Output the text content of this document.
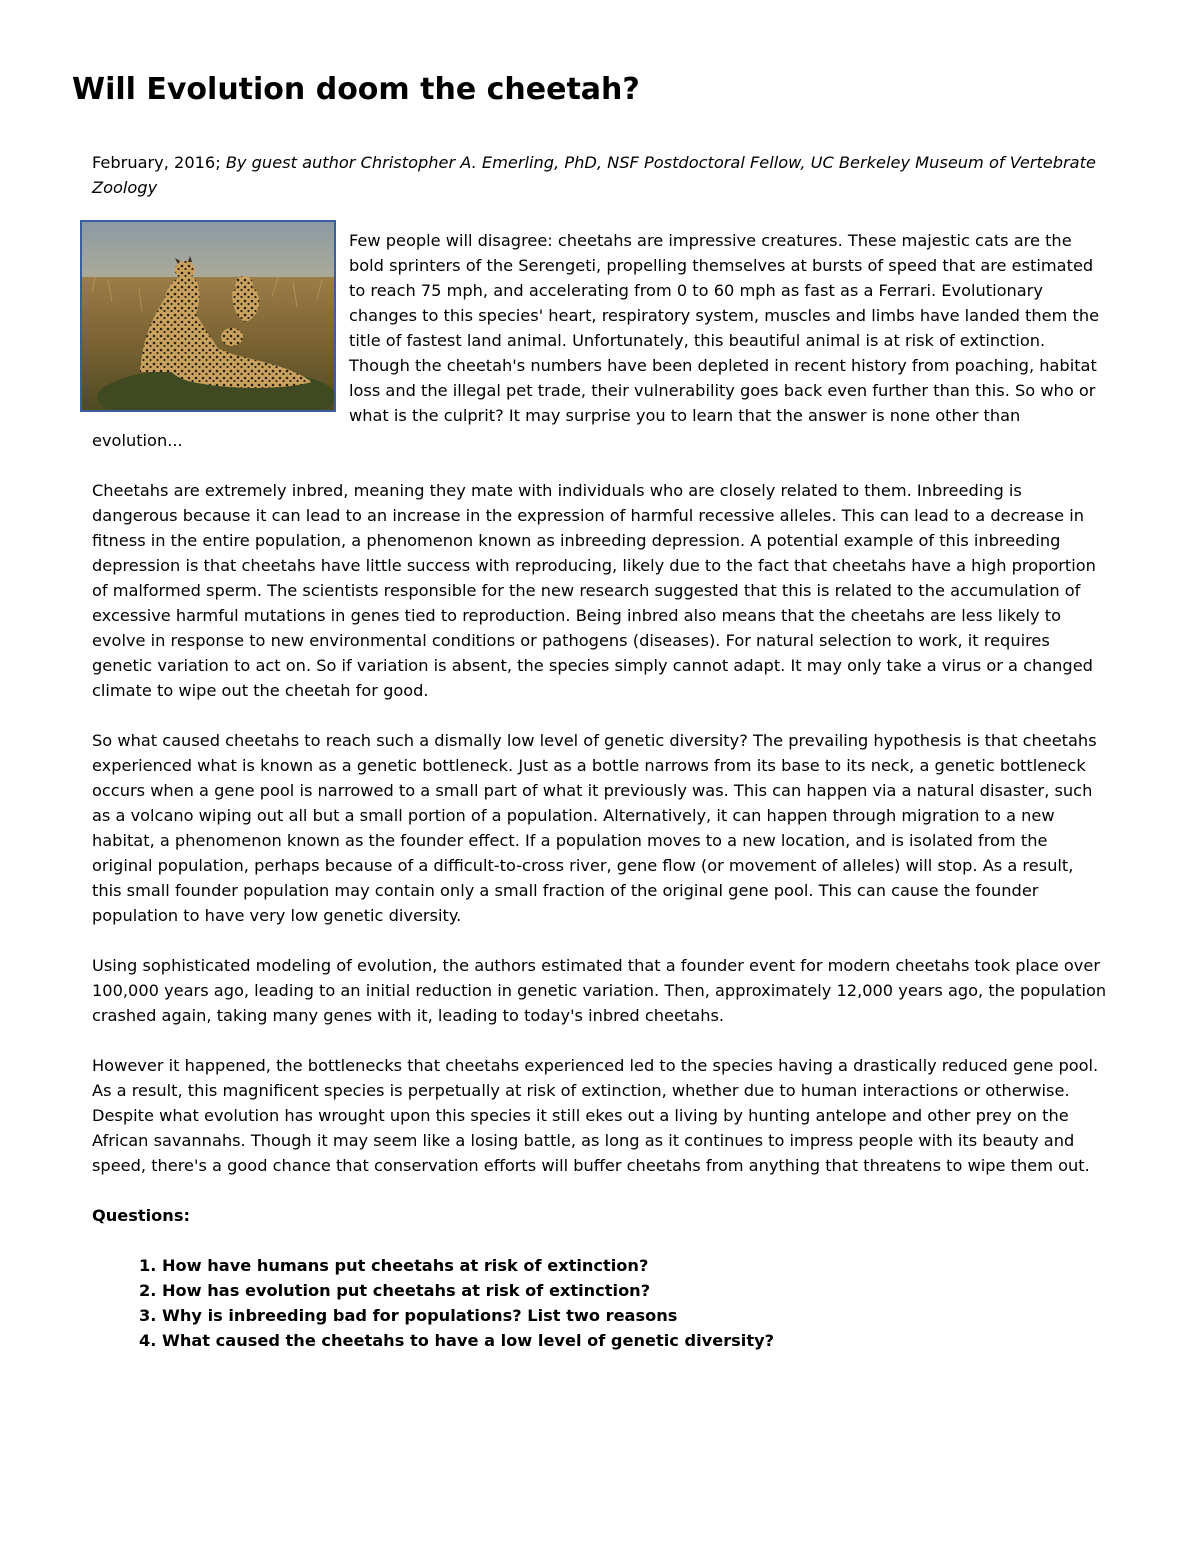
Will Evolution doom the cheetah?

February, 2016; By guest author Christopher A. Emerling, PhD, NSF Postdoctoral Fellow, UC Berkeley Museum of Vertebrate Zoology

Few people will disagree: cheetahs are impressive creatures. These majestic cats are the bold sprinters of the Serengeti, propelling themselves at bursts of speed that are estimated to reach 75 mph, and accelerating from 0 to 60 mph as fast as a Ferrari. Evolutionary changes to this species' heart, respiratory system, muscles and limbs have landed them the title of fastest land animal. Unfortunately, this beautiful animal is at risk of extinction. Though the cheetah's numbers have been depleted in recent history from poaching, habitat loss and the illegal pet trade, their vulnerability goes back even further than this. So who or what is the culprit? It may surprise you to learn that the answer is none other than evolution...

Cheetahs are extremely inbred, meaning they mate with individuals who are closely related to them. Inbreeding is dangerous because it can lead to an increase in the expression of harmful recessive alleles. This can lead to a decrease in fitness in the entire population, a phenomenon known as inbreeding depression. A potential example of this inbreeding depression is that cheetahs have little success with reproducing, likely due to the fact that cheetahs have a high proportion of malformed sperm. The scientists responsible for the new research suggested that this is related to the accumulation of excessive harmful mutations in genes tied to reproduction. Being inbred also means that the cheetahs are less likely to evolve in response to new environmental conditions or pathogens (diseases). For natural selection to work, it requires genetic variation to act on. So if variation is absent, the species simply cannot adapt. It may only take a virus or a changed climate to wipe out the cheetah for good.

So what caused cheetahs to reach such a dismally low level of genetic diversity? The prevailing hypothesis is that cheetahs experienced what is known as a genetic bottleneck. Just as a bottle narrows from its base to its neck, a genetic bottleneck occurs when a gene pool is narrowed to a small part of what it previously was. This can happen via a natural disaster, such as a volcano wiping out all but a small portion of a population. Alternatively, it can happen through migration to a new habitat, a phenomenon known as the founder effect. If a population moves to a new location, and is isolated from the original population, perhaps because of a difficult-to-cross river, gene flow (or movement of alleles) will stop. As a result, this small founder population may contain only a small fraction of the original gene pool. This can cause the founder population to have very low genetic diversity.

Using sophisticated modeling of evolution, the authors estimated that a founder event for modern cheetahs took place over 100,000 years ago, leading to an initial reduction in genetic variation. Then, approximately 12,000 years ago, the population crashed again, taking many genes with it, leading to today's inbred cheetahs.

However it happened, the bottlenecks that cheetahs experienced led to the species having a drastically reduced gene pool. As a result, this magnificent species is perpetually at risk of extinction, whether due to human interactions or otherwise. Despite what evolution has wrought upon this species it still ekes out a living by hunting antelope and other prey on the African savannahs. Though it may seem like a losing battle, as long as it continues to impress people with its beauty and speed, there's a good chance that conservation efforts will buffer cheetahs from anything that threatens to wipe them out.

Questions:

1. How have humans put cheetahs at risk of extinction?
2. How has evolution put cheetahs at risk of extinction?
3. Why is inbreeding bad for populations? List two reasons
4. What caused the cheetahs to have a low level of genetic diversity?
